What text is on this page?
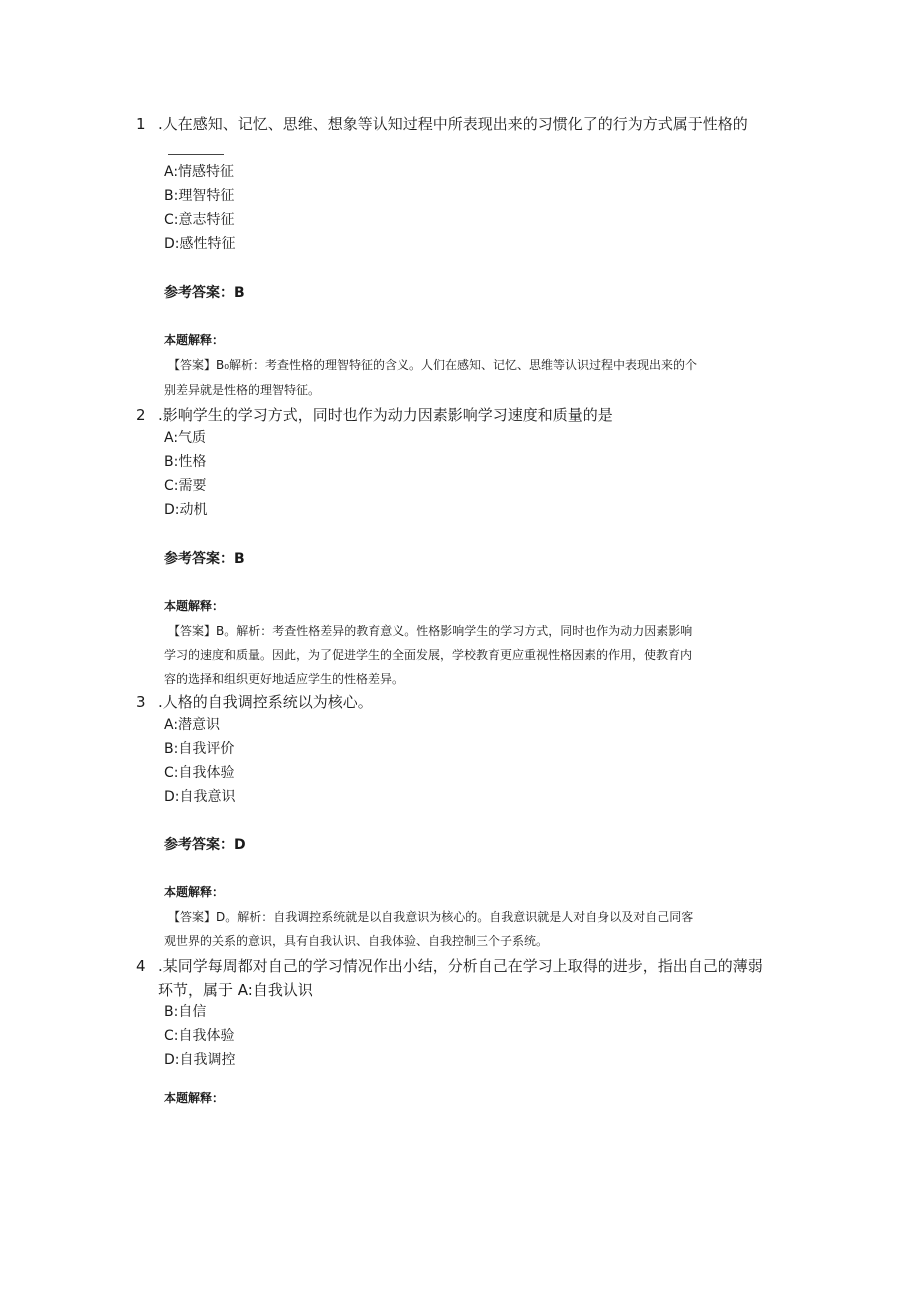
1 .人在感知、记忆、思维、想象等认知过程中所表现出来的习惯化了的行为方式属于性格的
A:情感特征
B:理智特征
C:意志特征
D:感性特征
参考答案：B
本题解释：
【答案】B₀解析：考查性格的理智特征的含义。人们在感知、记忆、思维等认识过程中表现出来的个
别差异就是性格的理智特征。
2 .影响学生的学习方式，同时也作为动力因素影响学习速度和质量的是
A:气质
B:性格
C:需要
D:动机
参考答案：B
本题解释：
【答案】B。解析：考查性格差异的教育意义。性格影响学生的学习方式，同时也作为动力因素影响
学习的速度和质量。因此，为了促进学生的全面发展，学校教育更应重视性格因素的作用，使教育内
容的选择和组织更好地适应学生的性格差异。
3 .人格的自我调控系统以为核心。
A:潜意识
B:自我评价
C:自我体验
D:自我意识
参考答案：D
本题解释：
【答案】D。解析：自我调控系统就是以自我意识为核心的。自我意识就是人对自身以及对自己同客
观世界的关系的意识，具有自我认识、自我体验、自我控制三个子系统。
4 .某同学每周都对自己的学习情况作出小结，分析自己在学习上取得的进步，指出自己的薄弱
环节，属于 A:自我认识
B:自信
C:自我体验
D:自我调控
本题解释：
